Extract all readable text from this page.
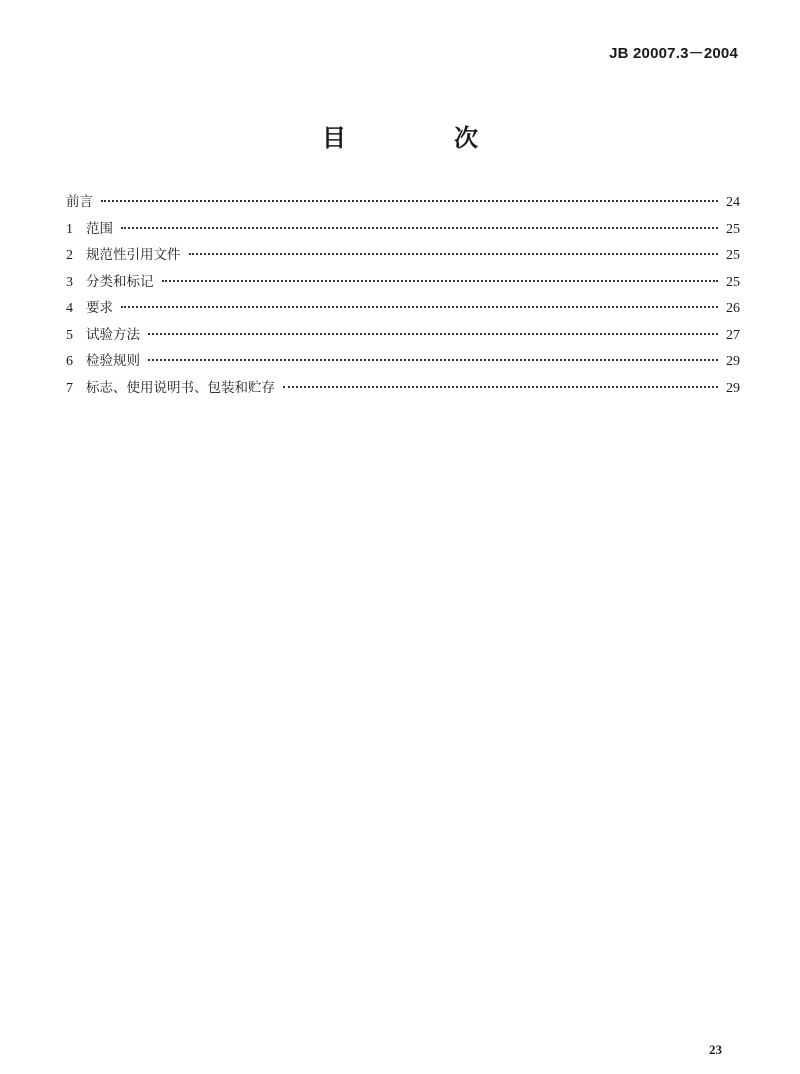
JB 20007.3－2004
目　次
前言	24
1 范围	25
2 规范性引用文件	25
3 分类和标记	25
4 要求	26
5 试验方法	27
6 检验规则	29
7 标志、使用说明书、包装和贮存	29
23
